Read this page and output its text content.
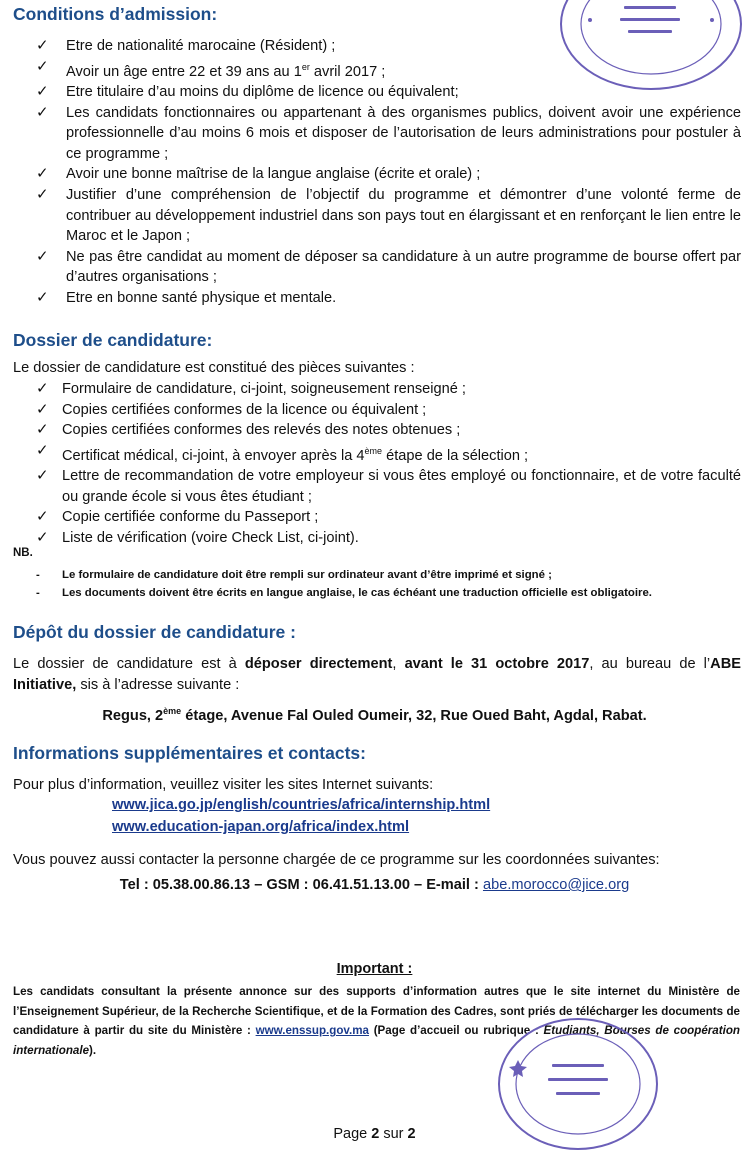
Conditions d’admission:
✓ Etre de nationalité marocaine (Résident) ;
✓ Avoir un âge entre 22 et 39 ans au 1er avril 2017 ;
✓ Etre titulaire d’au moins du diplôme de licence ou équivalent;
✓ Les candidats fonctionnaires ou appartenant à des organismes publics, doivent avoir une expérience professionnelle d’au moins 6 mois et disposer de l’autorisation de leurs administrations pour postuler à ce programme ;
✓ Avoir une bonne maîtrise de la langue anglaise (écrite et orale) ;
✓ Justifier d’une compréhension de l’objectif du programme et démontrer d’une volonté ferme de contribuer au développement industriel dans son pays tout en élargissant et en renforçant le lien entre le Maroc et le Japon ;
✓ Ne pas être candidat au moment de déposer sa candidature à un autre programme de bourse offert par d’autres organisations ;
✓ Etre en bonne santé physique et mentale.
Dossier de candidature:

Le dossier de candidature est constitué des pièces suivantes :

✓ Formulaire de candidature, ci-joint, soigneusement renseigné ;
✓ Copies certifiées conformes de la licence ou équivalent ;
✓ Copies certifiées conformes des relevés des notes obtenues ;
✓ Certificat médical, ci-joint, à envoyer après la 4ème étape de la sélection ;
✓ Lettre de recommandation de votre employeur si vous êtes employé ou fonctionnaire, et de votre faculté ou grande école si vous êtes étudiant ;
✓ Copie certifiée conforme du Passeport ;
✓ Liste de vérification (voire Check List, ci-joint).
NB.
- Le formulaire de candidature doit être rempli sur ordinateur avant d’être imprimé et signé ;
- Les documents doivent être écrits en langue anglaise, le cas échéant une traduction officielle est obligatoire.
Dépôt du dossier de candidature :

Le dossier de candidature est à déposer directement, avant le 31 octobre 2017, au bureau de l’ABE Initiative, sis à l’adresse suivante :

Regus, 2ème étage, Avenue Fal Ouled Oumeir, 32, Rue Oued Baht, Agdal, Rabat.
Informations supplémentaires et contacts:

Pour plus d’information, veuillez visiter les sites Internet suivants:

www.jica.go.jp/english/countries/africa/internship.html
www.education-japan.org/africa/index.html

Vous pouvez aussi contacter la personne chargée de ce programme sur les coordonnées suivantes:

Tel : 05.38.00.86.13 – GSM : 06.41.51.13.00 – E-mail : abe.morocco@jice.org
Important :

Les candidats consultant la présente annonce sur des supports d’information autres que le site internet du Ministère de l’Enseignement Supérieur, de la Recherche Scientifique, et de la Formation des Cadres, sont priés de télécharger les documents de candidature à partir du site du Ministère : www.enssup.gov.ma (Page d’accueil ou rubrique : Etudiants, Bourses de coopération internationale).

Page 2 sur 2
